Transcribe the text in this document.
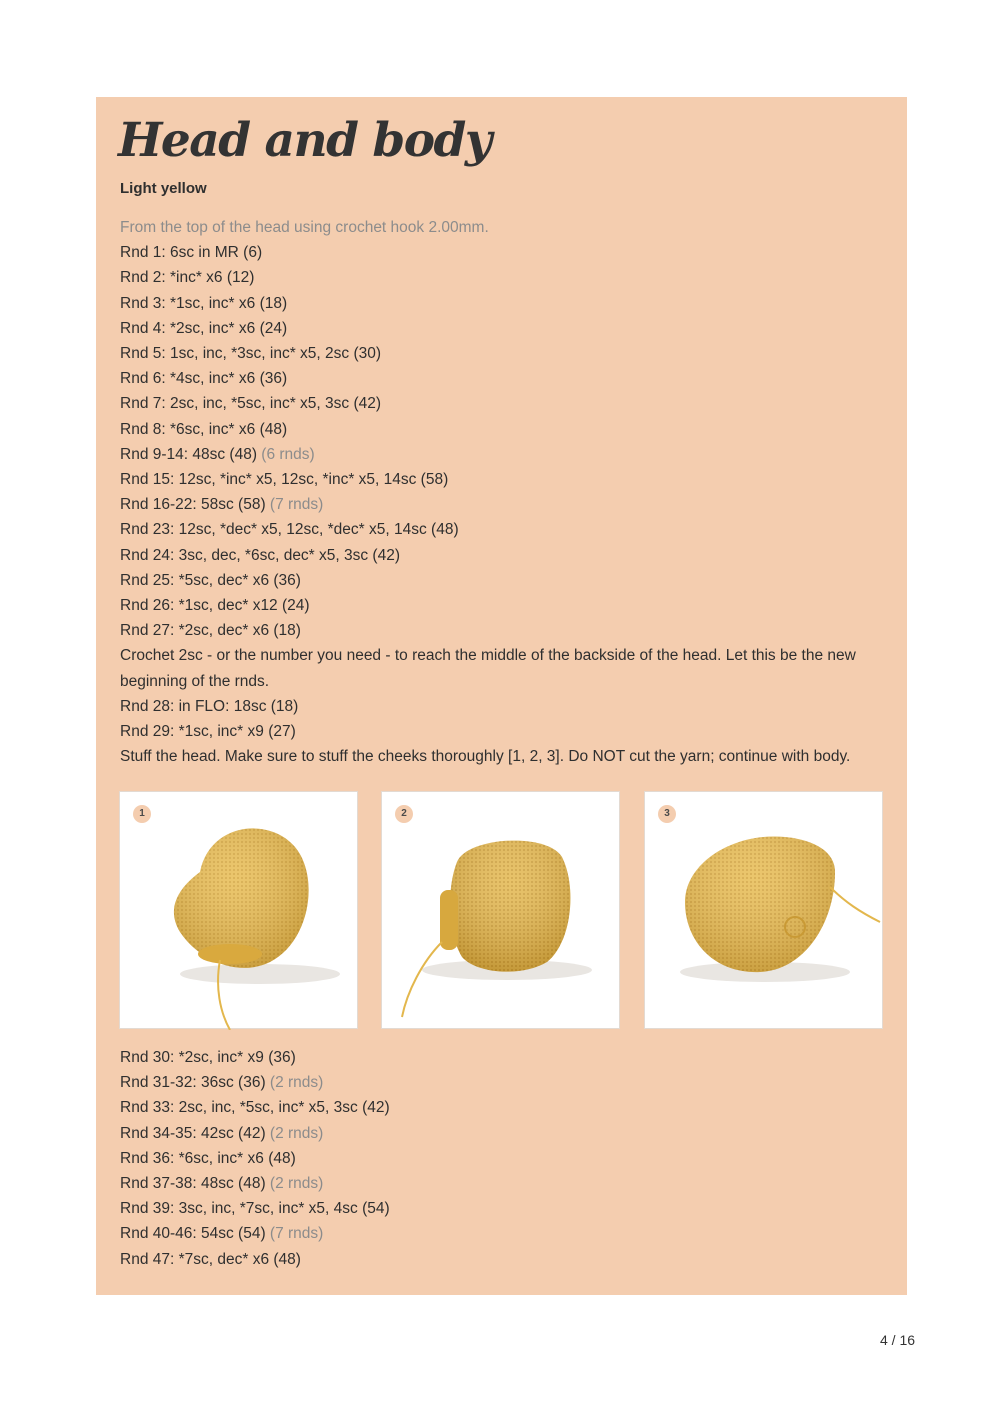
Head and body
Light yellow
From the top of the head using crochet hook 2.00mm.
Rnd 1: 6sc in MR (6)
Rnd 2: *inc* x6 (12)
Rnd 3: *1sc, inc* x6 (18)
Rnd 4: *2sc, inc* x6 (24)
Rnd 5: 1sc, inc, *3sc, inc* x5, 2sc (30)
Rnd 6: *4sc, inc* x6 (36)
Rnd 7: 2sc, inc, *5sc, inc* x5, 3sc (42)
Rnd 8: *6sc, inc* x6 (48)
Rnd 9-14: 48sc (48) (6 rnds)
Rnd 15: 12sc, *inc* x5, 12sc, *inc* x5, 14sc (58)
Rnd 16-22: 58sc (58) (7 rnds)
Rnd 23: 12sc, *dec* x5, 12sc, *dec* x5, 14sc (48)
Rnd 24: 3sc, dec, *6sc, dec* x5, 3sc (42)
Rnd 25: *5sc, dec* x6 (36)
Rnd 26: *1sc, dec* x12 (24)
Rnd 27: *2sc, dec* x6 (18)
Crochet 2sc - or the number you need - to reach the middle of the backside of the head. Let this be the new beginning of the rnds.
Rnd 28: in FLO: 18sc (18)
Rnd 29: *1sc, inc* x9 (27)
Stuff the head. Make sure to stuff the cheeks thoroughly [1, 2, 3]. Do NOT cut the yarn; continue with body.
1	2	3
Rnd 30: *2sc, inc* x9 (36)
Rnd 31-32: 36sc (36) (2 rnds)
Rnd 33: 2sc, inc, *5sc, inc* x5, 3sc (42)
Rnd 34-35: 42sc (42) (2 rnds)
Rnd 36: *6sc, inc* x6 (48)
Rnd 37-38: 48sc (48) (2 rnds)
Rnd 39: 3sc, inc, *7sc, inc* x5, 4sc (54)
Rnd 40-46: 54sc (54) (7 rnds)
Rnd 47: *7sc, dec* x6 (48)
4 / 16
